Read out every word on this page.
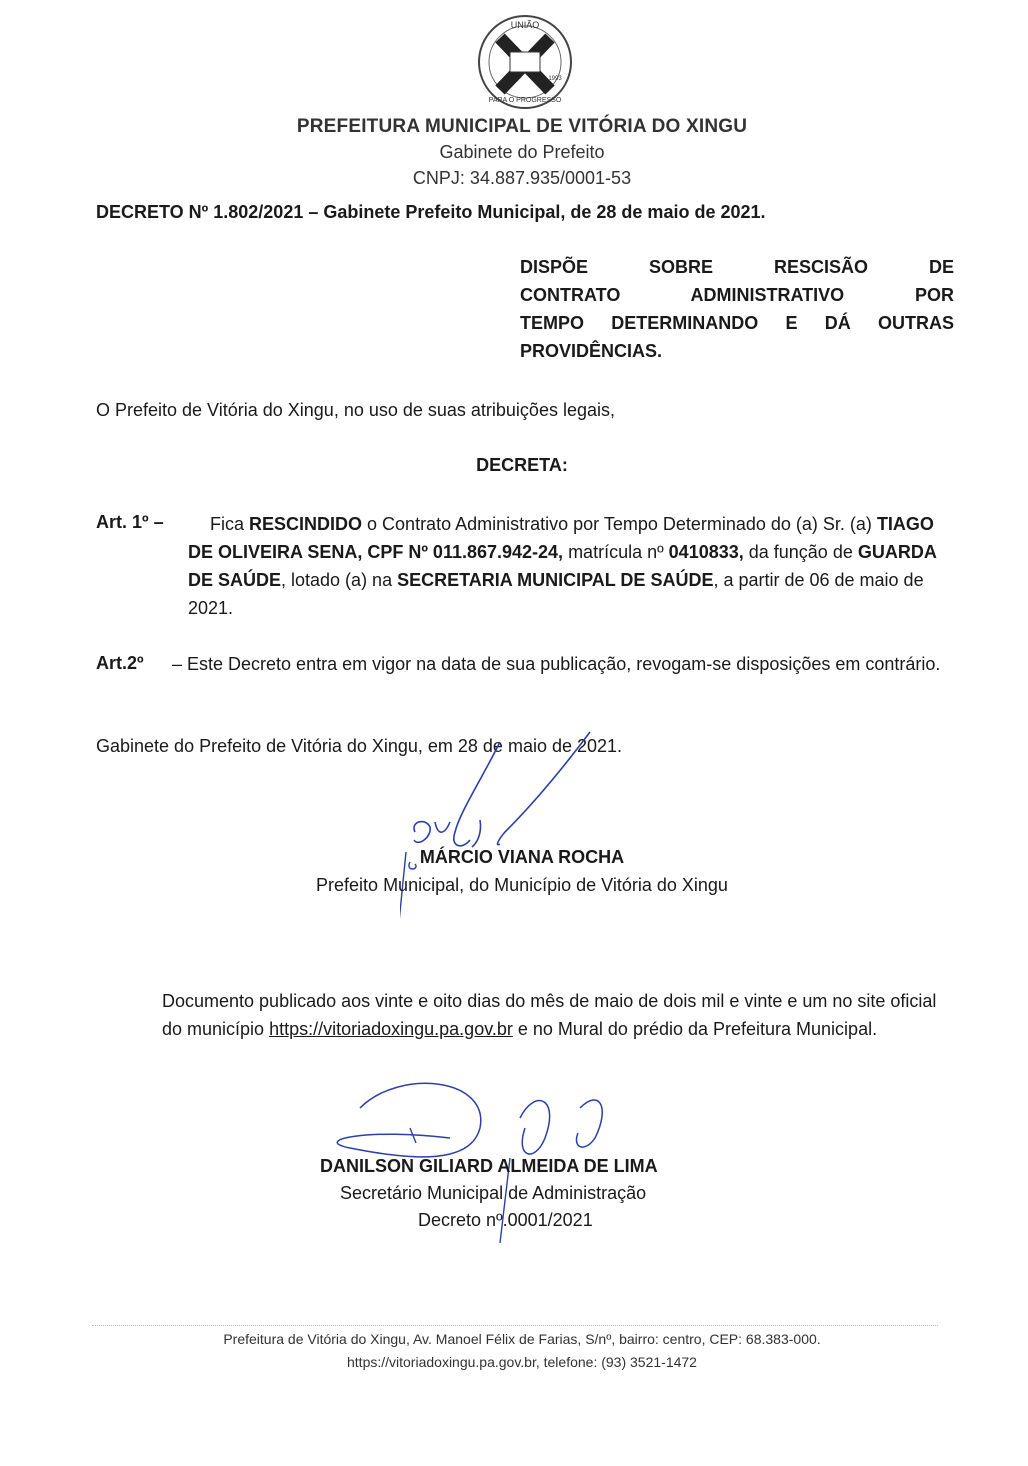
UNIÃO
PARA O PROGRESSO
1993
PREFEITURA MUNICIPAL DE VITÓRIA DO XINGU
Gabinete do Prefeito
CNPJ: 34.887.935/0001-53
DECRETO Nº 1.802/2021 – Gabinete Prefeito Municipal, de 28 de maio de 2021.
DISPÕE SOBRE RESCISÃO DE
CONTRATO ADMINISTRATIVO POR
TEMPO DETERMINANDO E DÁ OUTRAS
PROVIDÊNCIAS.
O Prefeito de Vitória do Xingu, no uso de suas atribuições legais,
DECRETA:
Art. 1º –	Fica RESCINDIDO o Contrato Administrativo por Tempo Determinado do (a) Sr. (a) TIAGO DE OLIVEIRA SENA, CPF Nº 011.867.942-24, matrícula nº 0410833, da função de GUARDA DE SAÚDE, lotado (a) na SECRETARIA MUNICIPAL DE SAÚDE, a partir de 06 de maio de 2021.
Art.2º – Este Decreto entra em vigor na data de sua publicação, revogam-se disposições em contrário.
Gabinete do Prefeito de Vitória do Xingu, em 28 de maio de 2021.
MÁRCIO VIANA ROCHA
Prefeito Municipal, do Município de Vitória do Xingu
Documento publicado aos vinte e oito dias do mês de maio de dois mil e vinte e um no site oficial do município https://vitoriadoxingu.pa.gov.br e no Mural do prédio da Prefeitura Municipal.
DANILSON GILIARD ALMEIDA DE LIMA
Secretário Municipal de Administração
Decreto nº.0001/2021
Prefeitura de Vitória do Xingu, Av. Manoel Félix de Farias, S/nº, bairro: centro, CEP: 68.383-000.
https://vitoriadoxingu.pa.gov.br, telefone: (93) 3521-1472
